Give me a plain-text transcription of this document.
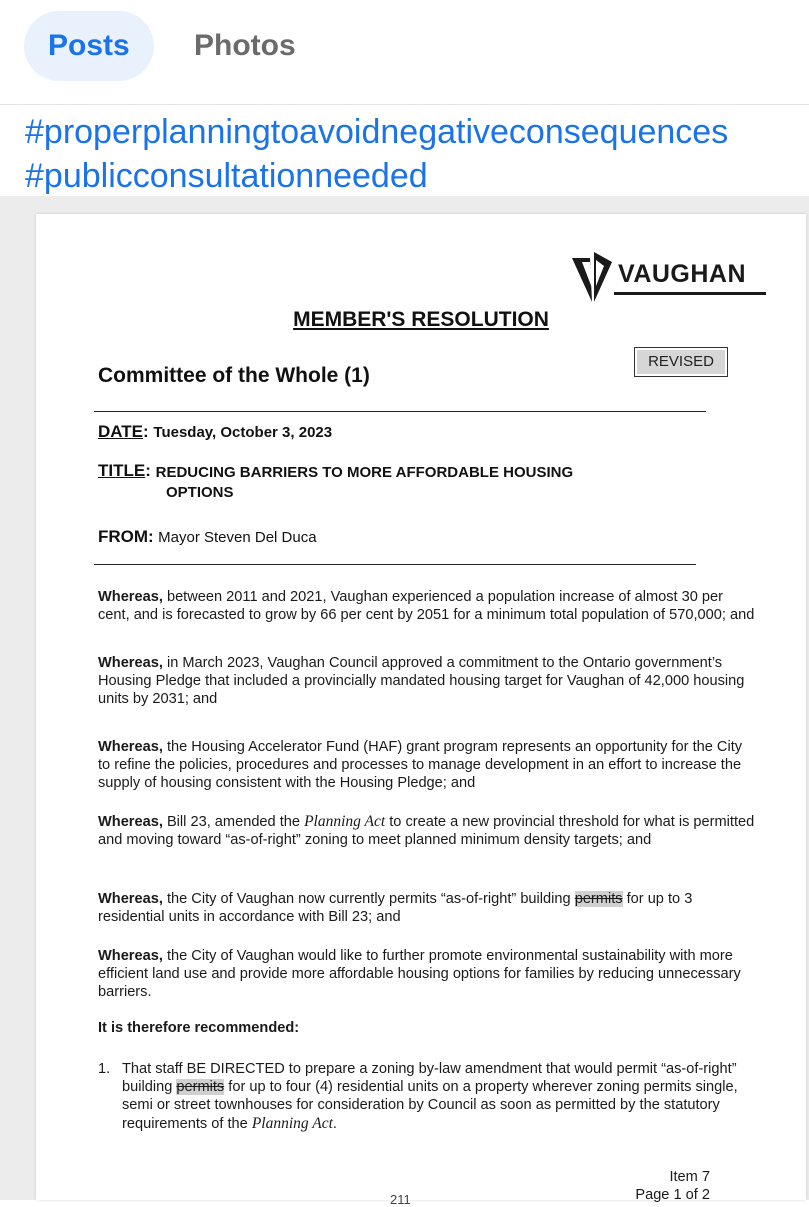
Posts	Photos
#properplanningtoavoidnegativeconsequences
#publicconsultationneeded
VAUGHAN
MEMBER'S RESOLUTION
REVISED
Committee of the Whole (1)
DATE: Tuesday, October 3, 2023
TITLE: REDUCING BARRIERS TO MORE AFFORDABLE HOUSING
OPTIONS
FROM: Mayor Steven Del Duca
Whereas, between 2011 and 2021, Vaughan experienced a population increase of almost 30 per cent, and is forecasted to grow by 66 per cent by 2051 for a minimum total population of 570,000; and
Whereas, in March 2023, Vaughan Council approved a commitment to the Ontario government’s Housing Pledge that included a provincially mandated housing target for Vaughan of 42,000 housing units by 2031; and
Whereas, the Housing Accelerator Fund (HAF) grant program represents an opportunity for the City to refine the policies, procedures and processes to manage development in an effort to increase the supply of housing consistent with the Housing Pledge; and
Whereas, Bill 23, amended the Planning Act to create a new provincial threshold for what is permitted and moving toward “as-of-right” zoning to meet planned minimum density targets; and
Whereas, the City of Vaughan now currently permits “as-of-right” building permits for up to 3 residential units in accordance with Bill 23; and
Whereas, the City of Vaughan would like to further promote environmental sustainability with more efficient land use and provide more affordable housing options for families by reducing unnecessary barriers.
It is therefore recommended:
1. That staff BE DIRECTED to prepare a zoning by-law amendment that would permit “as-of-right” building permits for up to four (4) residential units on a property wherever zoning permits single, semi or street townhouses for consideration by Council as soon as permitted by the statutory requirements of the Planning Act.
Item 7
Page 1 of 2
211
